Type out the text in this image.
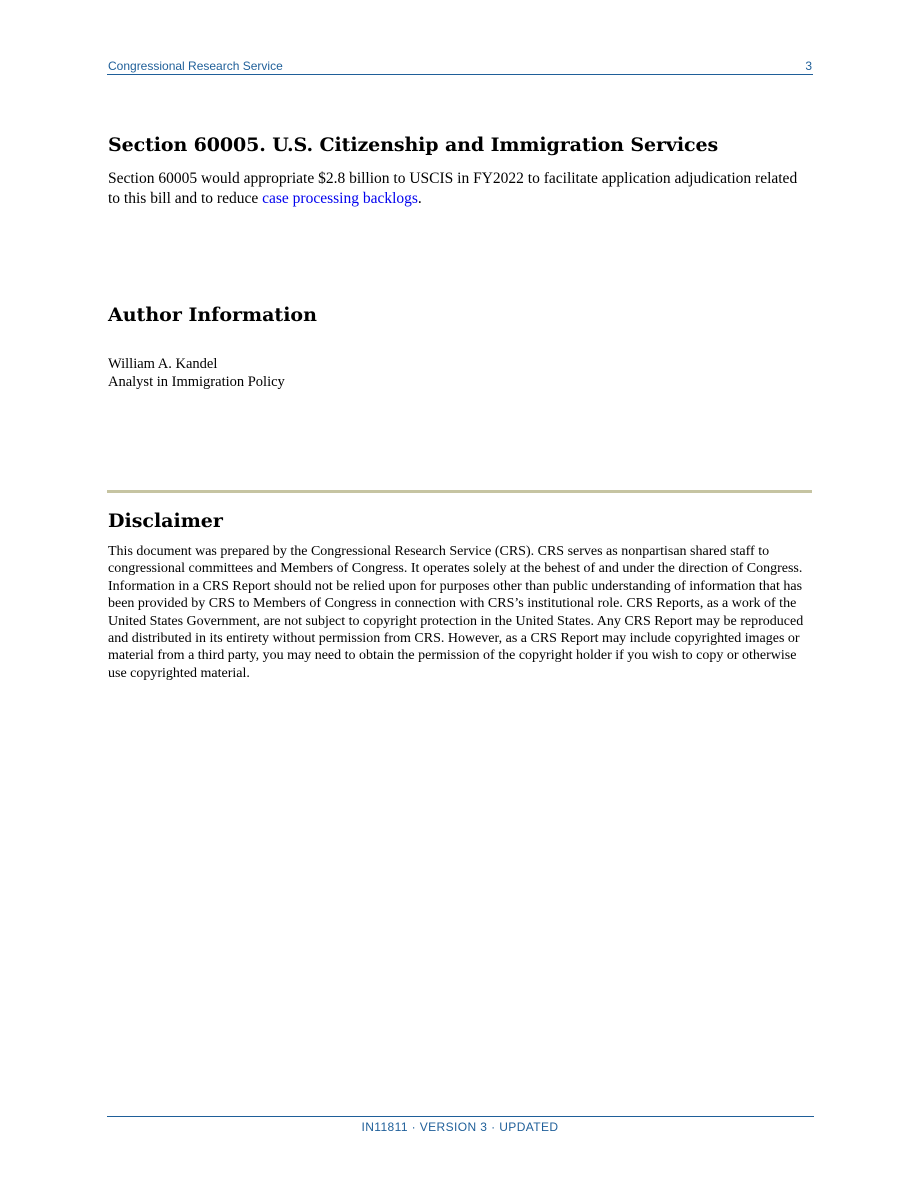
Congressional Research Service	3
Section 60005. U.S. Citizenship and Immigration Services

Section 60005 would appropriate $2.8 billion to USCIS in FY2022 to facilitate application adjudication related to this bill and to reduce case processing backlogs.

Author Information
William A. Kandel
Analyst in Immigration Policy
Disclaimer

This document was prepared by the Congressional Research Service (CRS). CRS serves as nonpartisan shared staff to congressional committees and Members of Congress. It operates solely at the behest of and under the direction of Congress. Information in a CRS Report should not be relied upon for purposes other than public understanding of information that has been provided by CRS to Members of Congress in connection with CRS’s institutional role. CRS Reports, as a work of the United States Government, are not subject to copyright protection in the United States. Any CRS Report may be reproduced and distributed in its entirety without permission from CRS. However, as a CRS Report may include copyrighted images or material from a third party, you may need to obtain the permission of the copyright holder if you wish to copy or otherwise use copyrighted material.

IN11811 · VERSION 3 · UPDATED
